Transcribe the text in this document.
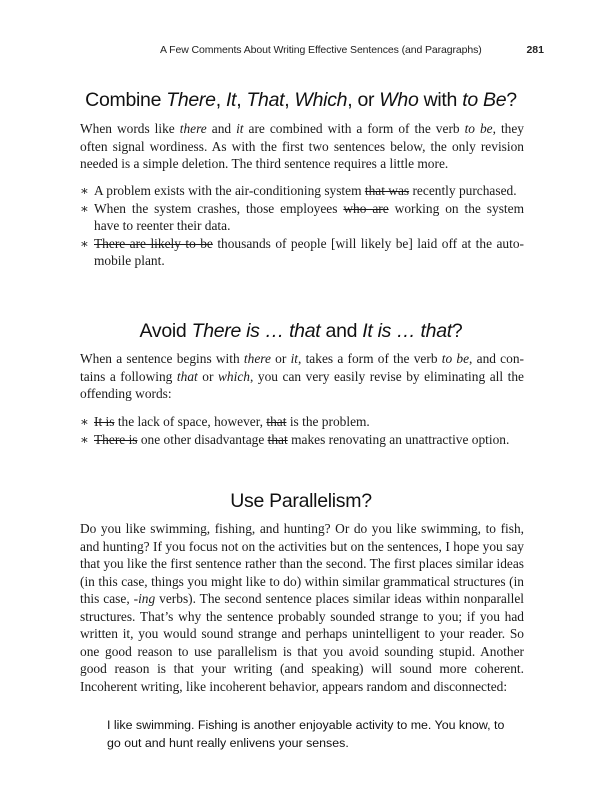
A Few Comments About Writing Effective Sentences (and Paragraphs)	281
Combine There, It, That, Which, or Who with to Be?

When words like there and it are combined with a form of the verb to be, they often signal wordiness. As with the first two sentences below, the only revision needed is a simple deletion. The third sentence requires a little more.

∗ A problem exists with the air-conditioning system that was recently purchased.
∗ When the system crashes, those employees who are working on the system have to reenter their data.
∗ There are likely to be thousands of people [will likely be] laid off at the automobile plant.
Avoid There is … that and It is … that?

When a sentence begins with there or it, takes a form of the verb to be, and contains a following that or which, you can very easily revise by eliminating all the offending words:

∗ It is the lack of space, however, that is the problem.
∗ There is one other disadvantage that makes renovating an unattractive option.
Use Parallelism?

Do you like swimming, fishing, and hunting? Or do you like swimming, to fish, and hunting? If you focus not on the activities but on the sentences, I hope you say that you like the first sentence rather than the second. The first places similar ideas (in this case, things you might like to do) within similar grammatical structures (in this case, -ing verbs). The second sentence places similar ideas within nonparallel structures. That’s why the sentence probably sounded strange to you; if you had written it, you would sound strange and perhaps unintelligent to your reader. So one good reason to use parallelism is that you avoid sounding stupid. Another good reason is that your writing (and speaking) will sound more coherent. Incoherent writing, like incoherent behavior, appears random and disconnected:

I like swimming. Fishing is another enjoyable activity to me. You know, to go out and hunt really enlivens your senses.
